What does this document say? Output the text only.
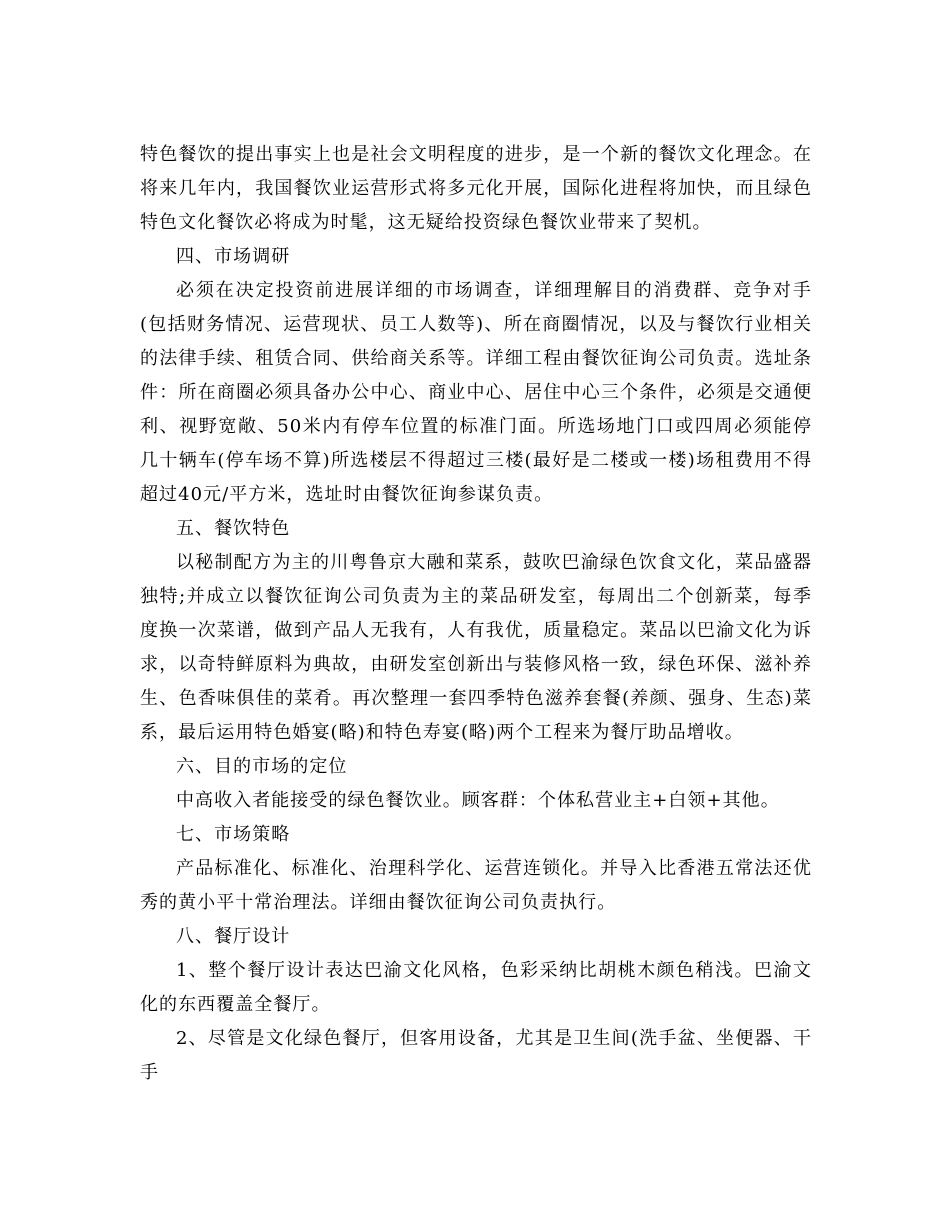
特色餐饮的提出事实上也是社会文明程度的进步，是一个新的餐饮文化理念。在将来几年内，我国餐饮业运营形式将多元化开展，国际化进程将加快，而且绿色特色文化餐饮必将成为时髦，这无疑给投资绿色餐饮业带来了契机。

四、市场调研

必须在决定投资前进展详细的市场调查，详细理解目的消费群、竞争对手(包括财务情况、运营现状、员工人数等)、所在商圈情况，以及与餐饮行业相关的法律手续、租赁合同、供给商关系等。详细工程由餐饮征询公司负责。选址条件：所在商圈必须具备办公中心、商业中心、居住中心三个条件，必须是交通便利、视野宽敞、50米内有停车位置的标准门面。所选场地门口或四周必须能停几十辆车(停车场不算)所选楼层不得超过三楼(最好是二楼或一楼)场租费用不得超过40元/平方米，选址时由餐饮征询参谋负责。

五、餐饮特色

以秘制配方为主的川粤鲁京大融和菜系，鼓吹巴渝绿色饮食文化，菜品盛器独特;并成立以餐饮征询公司负责为主的菜品研发室，每周出二个创新菜，每季度换一次菜谱，做到产品人无我有，人有我优，质量稳定。菜品以巴渝文化为诉求，以奇特鲜原料为典故，由研发室创新出与装修风格一致，绿色环保、滋补养生、色香味俱佳的菜肴。再次整理一套四季特色滋养套餐(养颜、强身、生态)菜系，最后运用特色婚宴(略)和特色寿宴(略)两个工程来为餐厅助品增收。

六、目的市场的定位

中高收入者能接受的绿色餐饮业。顾客群：个体私营业主+白领+其他。

七、市场策略

产品标准化、标准化、治理科学化、运营连锁化。并导入比香港五常法还优秀的黄小平十常治理法。详细由餐饮征询公司负责执行。

八、餐厅设计

1、整个餐厅设计表达巴渝文化风格，色彩采纳比胡桃木颜色稍浅。巴渝文化的东西覆盖全餐厅。

2、尽管是文化绿色餐厅，但客用设备，尤其是卫生间(洗手盆、坐便器、干手
